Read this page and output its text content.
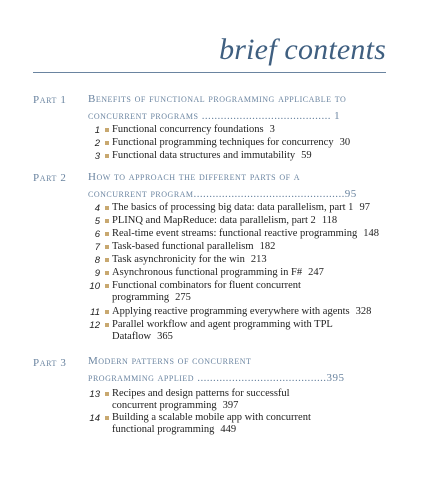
brief contents
Part 1 Benefits of functional programming applicable to
concurrent programs ......................................... 1
1 Functional concurrency foundations 3
2 Functional programming techniques for concurrency 30
3 Functional data structures and immutability 59
Part 2 How to approach the different parts of a
concurrent program................................................95
4 The basics of processing big data: data parallelism, part 1 97
5 PLINQ and MapReduce: data parallelism, part 2 118
6 Real-time event streams: functional reactive programming 148
7 Task-based functional parallelism 182
8 Task asynchronicity for the win 213
9 Asynchronous functional programming in F# 247
10 Functional combinators for fluent concurrent
programming 275
11 Applying reactive programming everywhere with agents 328
12 Parallel workflow and agent programming with TPL
Dataflow 365
Part 3 Modern patterns of concurrent
programming applied .........................................395
13 Recipes and design patterns for successful
concurrent programming 397
14 Building a scalable mobile app with concurrent
functional programming 449
